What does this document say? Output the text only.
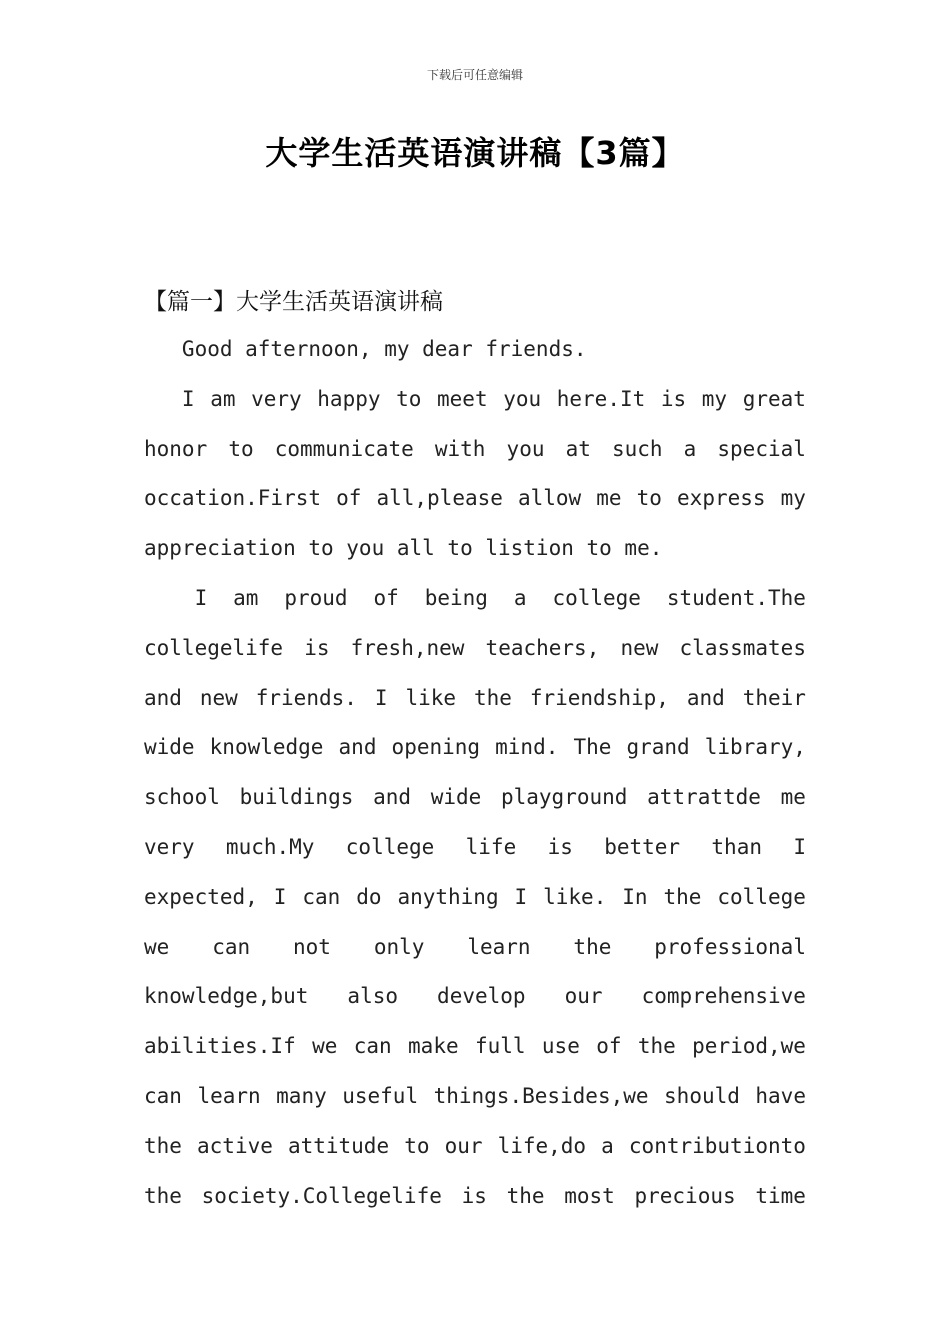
下载后可任意编辑
大学生活英语演讲稿【3篇】
【篇一】大学生活英语演讲稿
Good afternoon, my dear friends.
I am very happy to meet you here.It is my great
honor to communicate with you at such a special
occation.First of all,please allow me to express my
appreciation to you all to listion to me.
I am proud of being a college student.The
collegelife is fresh,new teachers, new classmates
and new friends. I like the friendship, and their
wide knowledge and opening mind. The grand library,
school buildings and wide playground attrattde me
very much.My college life is better than I
expected, I can do anything I like. In the college
we can not only learn the professional
knowledge,but also develop our comprehensive
abilities.If we can make full use of the period,we
can learn many useful things.Besides,we should have
the active attitude to our life,do a contributionto
the society.Collegelife is the most precious time
